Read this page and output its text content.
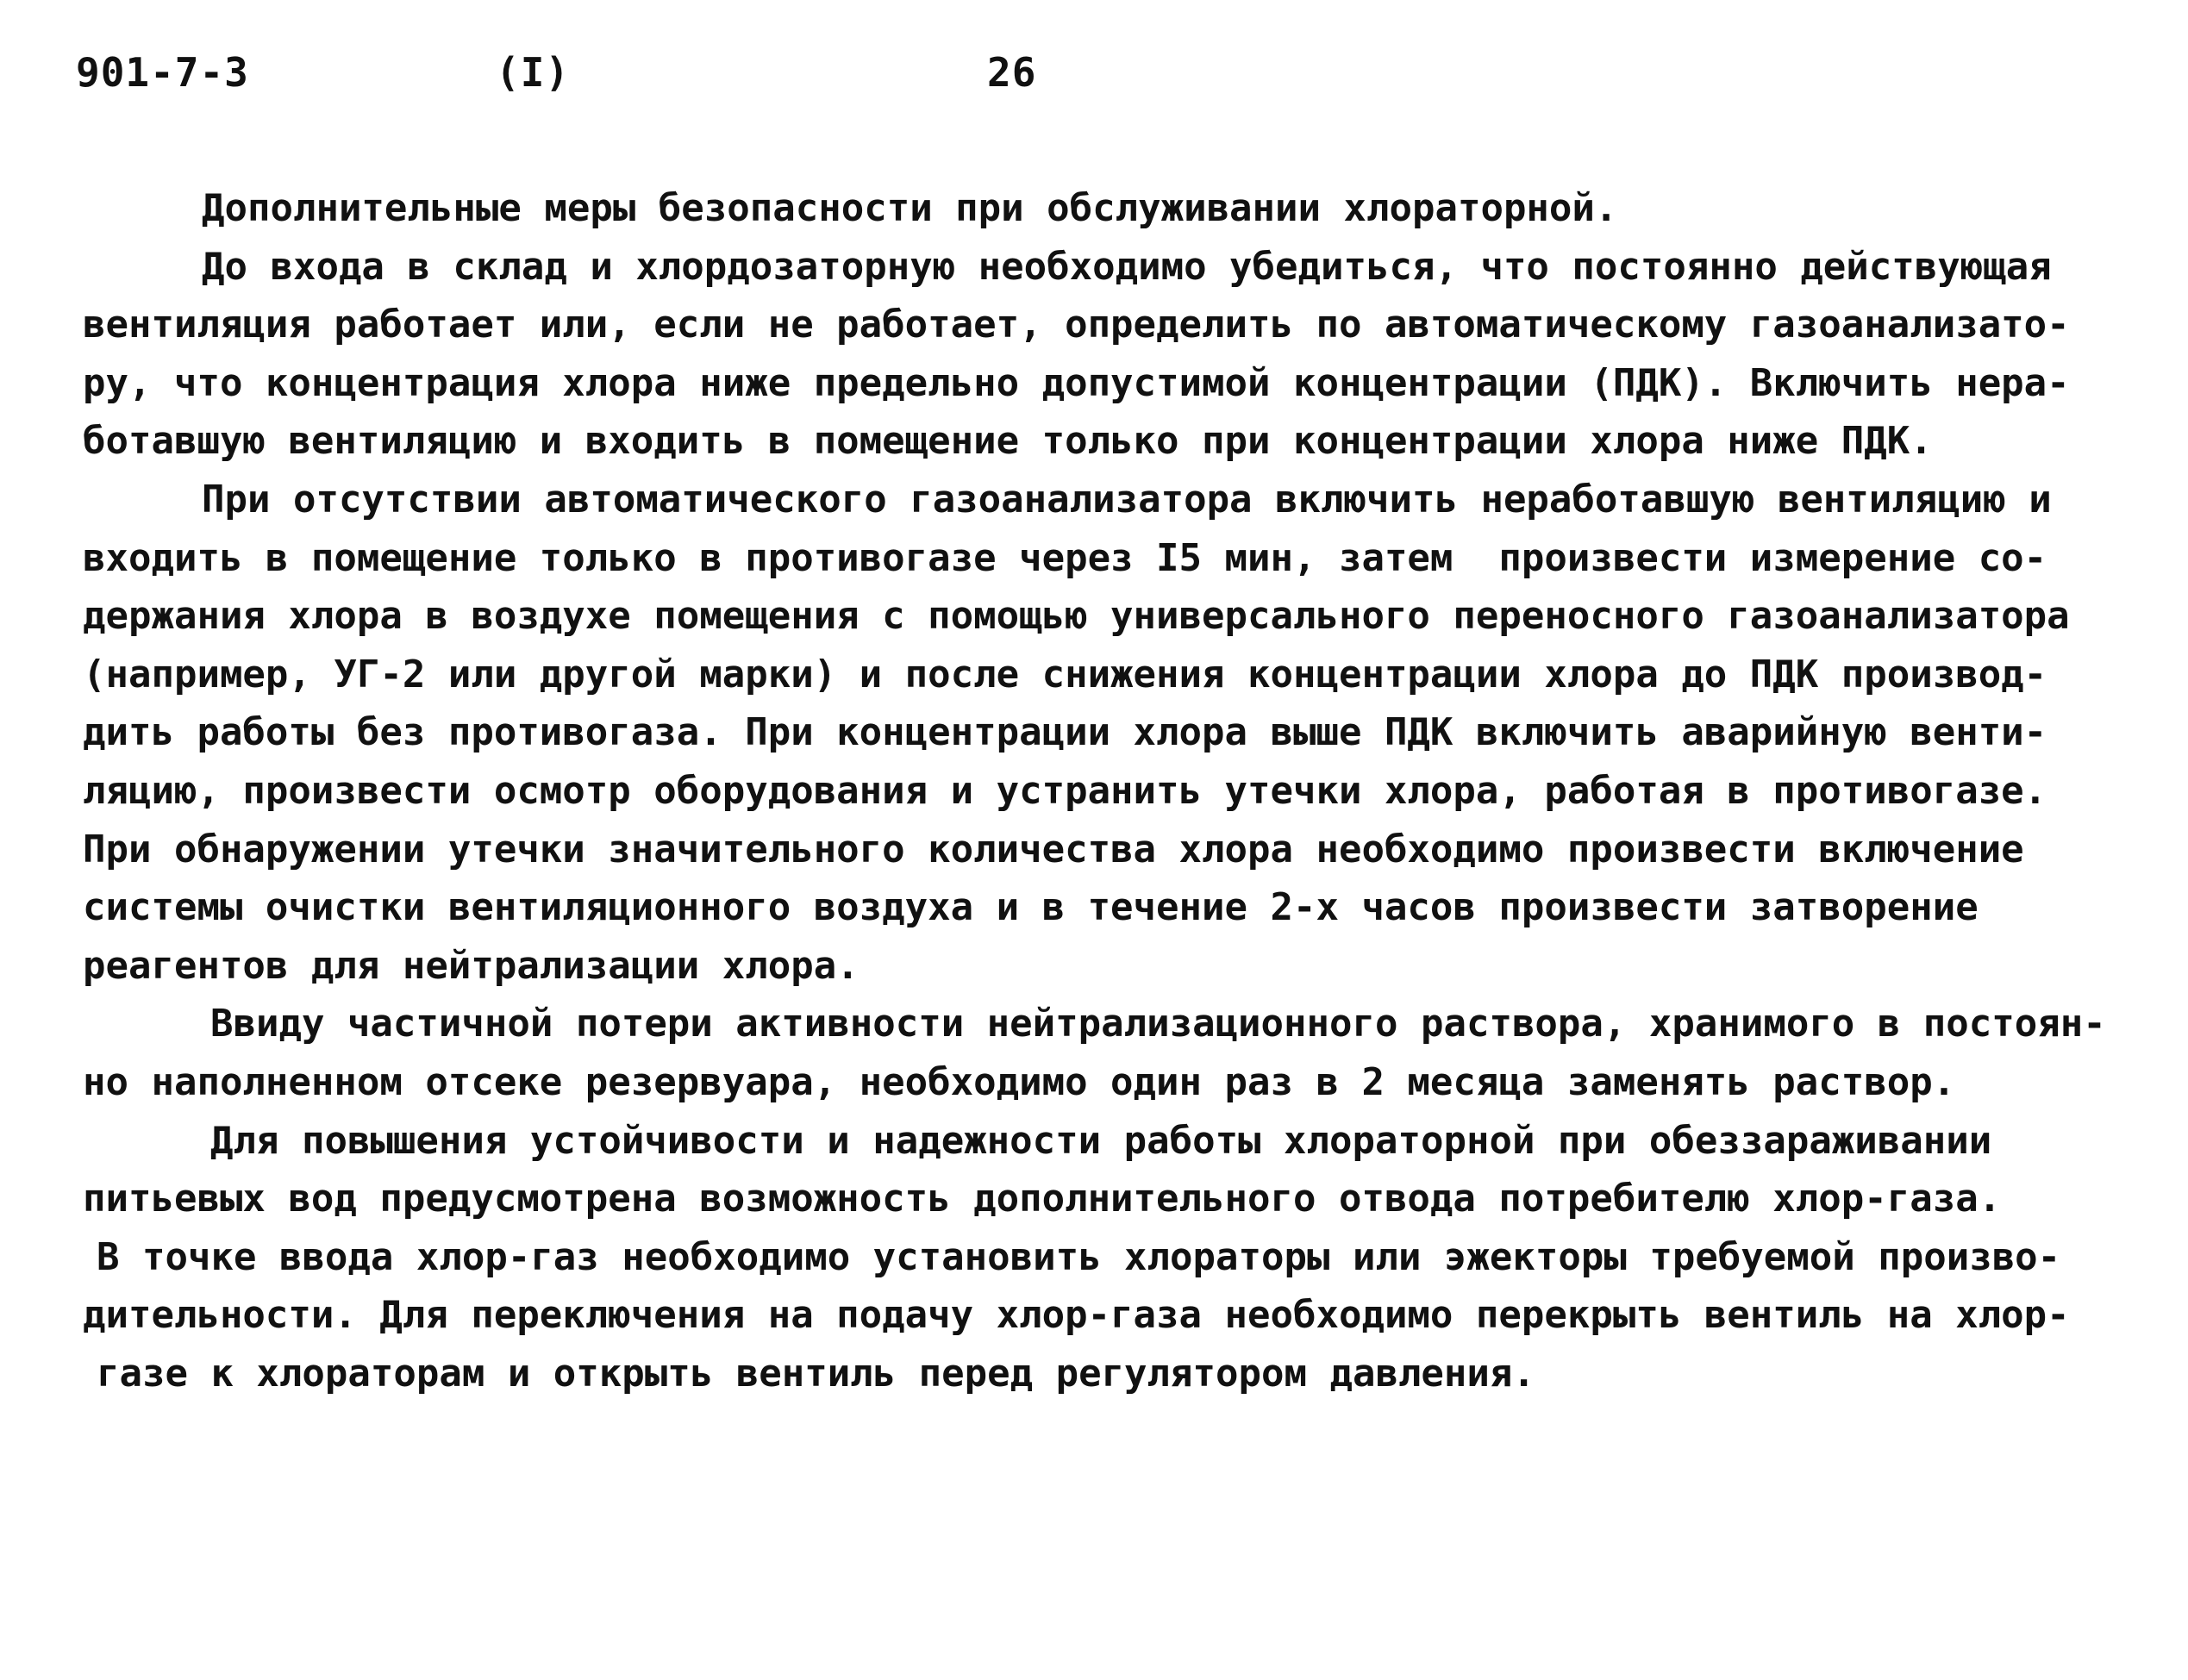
901-7-3	(I)	26
Дополнительные меры безопасности при обслуживании хлораторной.
До входа в склад и хлордозаторную необходимо убедиться, что постоянно действующая
вентиляция работает или, если не работает, определить по автоматическому газоанализато-
ру, что концентрация хлора ниже предельно допустимой концентрации (ПДК). Включить нера-
ботавшую вентиляцию и входить в помещение только при концентрации хлора ниже ПДК.
При отсутствии автоматического газоанализатора включить неработавшую вентиляцию и
входить в помещение только в противогазе через I5 мин, затем  произвести измерение со-
держания хлора в воздухе помещения с помощью универсального переносного газоанализатора
(например, УГ-2 или другой марки) и после снижения концентрации хлора до ПДК производ-
дить работы без противогаза. При концентрации хлора выше ПДК включить аварийную венти-
ляцию, произвести осмотр оборудования и устранить утечки хлора, работая в противогазе.
При обнаружении утечки значительного количества хлора необходимо произвести включение
системы очистки вентиляционного воздуха и в течение 2-х часов произвести затворение
реагентов для нейтрализации хлора.
Ввиду частичной потери активности нейтрализационного раствора, хранимого в постоян-
но наполненном отсеке резервуара, необходимо один раз в 2 месяца заменять раствор.
Для повышения устойчивости и надежности работы хлораторной при обеззараживании
питьевых вод предусмотрена возможность дополнительного отвода потребителю хлор-газа.
В точке ввода хлор-газ необходимо установить хлораторы или эжекторы требуемой произво-
дительности. Для переключения на подачу хлор-газа необходимо перекрыть вентиль на хлор-
газе к хлораторам и открыть вентиль перед регулятором давления.
